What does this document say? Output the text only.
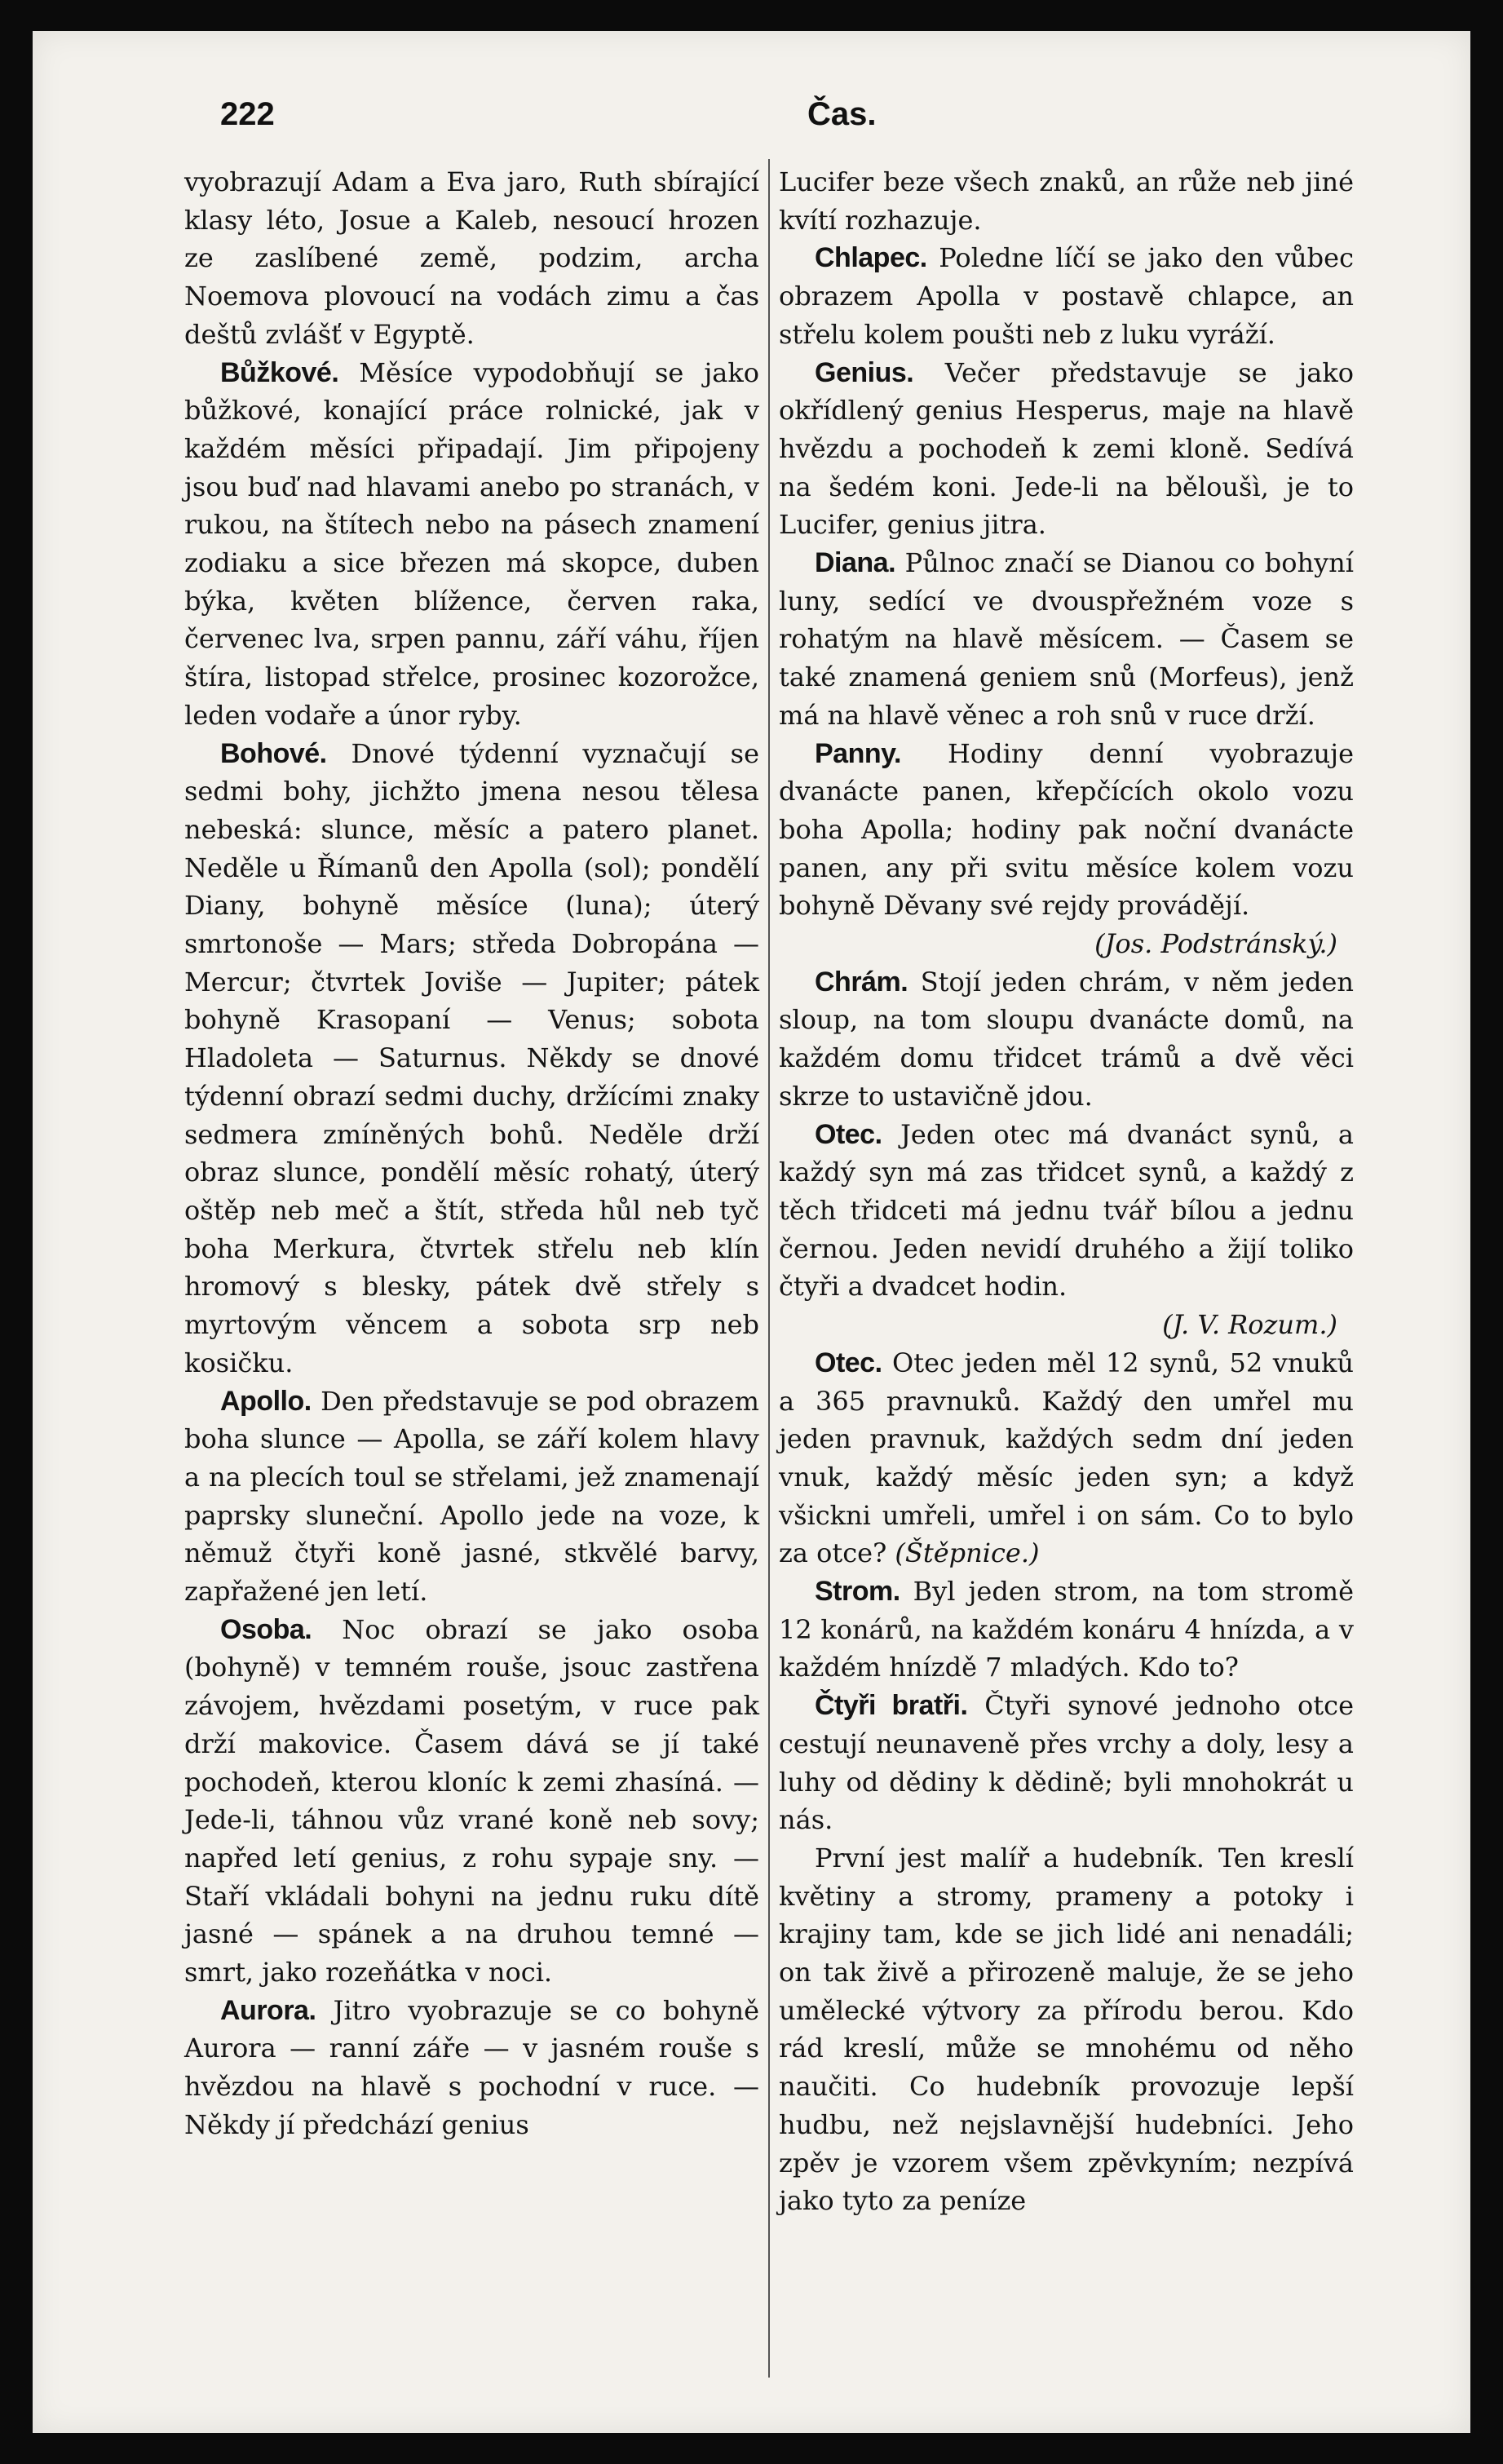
222	Čas.

vyobrazují Adam a Eva jaro, Ruth sbírající klasy léto, Josue a Kaleb, nesoucí hrozen ze zaslíbené země, podzim, archa Noemova plovoucí na vodách zimu a čas deštů zvlášť v Egyptě.

Bůžkové. Měsíce vypodobňují se jako bůžkové, konající práce rolnické, jak v každém měsíci připadají. Jim připojeny jsou buď nad hlavami anebo po stranách, v rukou, na štítech nebo na pásech znamení zodiaku a sice březen má skopce, duben býka, květen blížence, červen raka, červenec lva, srpen pannu, září váhu, říjen štíra, listopad střelce, prosinec kozorožce, leden vodaře a únor ryby.

Bohové. Dnové týdenní vyznačují se sedmi bohy, jichžto jmena nesou tělesa nebeská: slunce, měsíc a patero planet. Neděle u Římanů den Apolla (sol); pondělí Diany, bohyně měsíce (luna); úterý smrtonoše — Mars; středa Dobropána — Mercur; čtvrtek Joviše — Jupiter; pátek bohyně Krasopaní — Venus; sobota Hladoleta — Saturnus. Někdy se dnové týdenní obrazí sedmi duchy, držícími znaky sedmera zmíněných bohů. Neděle drží obraz slunce, pondělí měsíc rohatý, úterý oštěp neb meč a štít, středa hůl neb tyč boha Merkura, čtvrtek střelu neb klín hromový s blesky, pátek dvě střely s myrtovým věncem a sobota srp neb kosičku.

Apollo. Den představuje se pod obrazem boha slunce — Apolla, se září kolem hlavy a na plecích toul se střelami, jež znamenají paprsky sluneční. Apollo jede na voze, k němuž čtyři koně jasné, stkvělé barvy, zapřažené jen letí.

Osoba. Noc obrazí se jako osoba (bohyně) v temném rouše, jsouc zastřena závojem, hvězdami posetým, v ruce pak drží makovice. Časem dává se jí také pochodeň, kterou kloníc k zemi zhasíná. — Jede-li, táhnou vůz vrané koně neb sovy; napřed letí genius, z rohu sypaje sny. — Staří vkládali bohyni na jednu ruku dítě jasné — spánek a na druhou temné — smrt, jako rozeňátka v noci.

Aurora. Jitro vyobrazuje se co bohyně Aurora — ranní záře — v jasném rouše s hvězdou na hlavě s pochodní v ruce. — Někdy jí předchází genius

Lucifer beze všech znaků, an růže neb jiné kvítí rozhazuje.

Chlapec. Poledne líčí se jako den vůbec obrazem Apolla v postavě chlapce, an střelu kolem poušti neb z luku vyráží.

Genius. Večer představuje se jako okřídlený genius Hesperus, maje na hlavě hvězdu a pochodeň k zemi kloně. Sedívá na šedém koni. Jede-li na běloušì, je to Lucifer, genius jitra.

Diana. Půlnoc značí se Dianou co bohyní luny, sedící ve dvouspřežném voze s rohatým na hlavě měsícem. — Časem se také znamená geniem snů (Morfeus), jenž má na hlavě věnec a roh snů v ruce drží.

Panny. Hodiny denní vyobrazuje dvanácte panen, křepčících okolo vozu boha Apolla; hodiny pak noční dvanácte panen, any při svitu měsíce kolem vozu bohyně Děvany své rejdy provádějí.
(Jos. Podstránský.)

Chrám. Stojí jeden chrám, v něm jeden sloup, na tom sloupu dvanácte domů, na každém domu třidcet trámů a dvě věci skrze to ustavičně jdou.

Otec. Jeden otec má dvanáct synů, a každý syn má zas třidcet synů, a každý z těch třidceti má jednu tvář bílou a jednu černou. Jeden nevidí druhého a žijí toliko čtyři a dvadcet hodin.
(J. V. Rozum.)

Otec. Otec jeden měl 12 synů, 52 vnuků a 365 pravnuků. Každý den umřel mu jeden pravnuk, každých sedm dní jeden vnuk, každý měsíc jeden syn; a když všickni umřeli, umřel i on sám. Co to bylo za otce? (Štěpnice.)

Strom. Byl jeden strom, na tom stromě 12 konárů, na každém konáru 4 hnízda, a v každém hnízdě 7 mladých. Kdo to?

Čtyři bratři. Čtyři synové jednoho otce cestují neunaveně přes vrchy a doly, lesy a luhy od dědiny k dědině; byli mnohokrát u nás.

První jest malíř a hudebník. Ten kreslí květiny a stromy, prameny a potoky i krajiny tam, kde se jich lidé ani nenadáli; on tak živě a přirozeně maluje, že se jeho umělecké výtvory za přírodu berou. Kdo rád kreslí, může se mnohému od něho naučiti. Co hudebník provozuje lepší hudbu, než nejslavnější hudebníci. Jeho zpěv je vzorem všem zpěvkyním; nezpívá jako tyto za peníze
